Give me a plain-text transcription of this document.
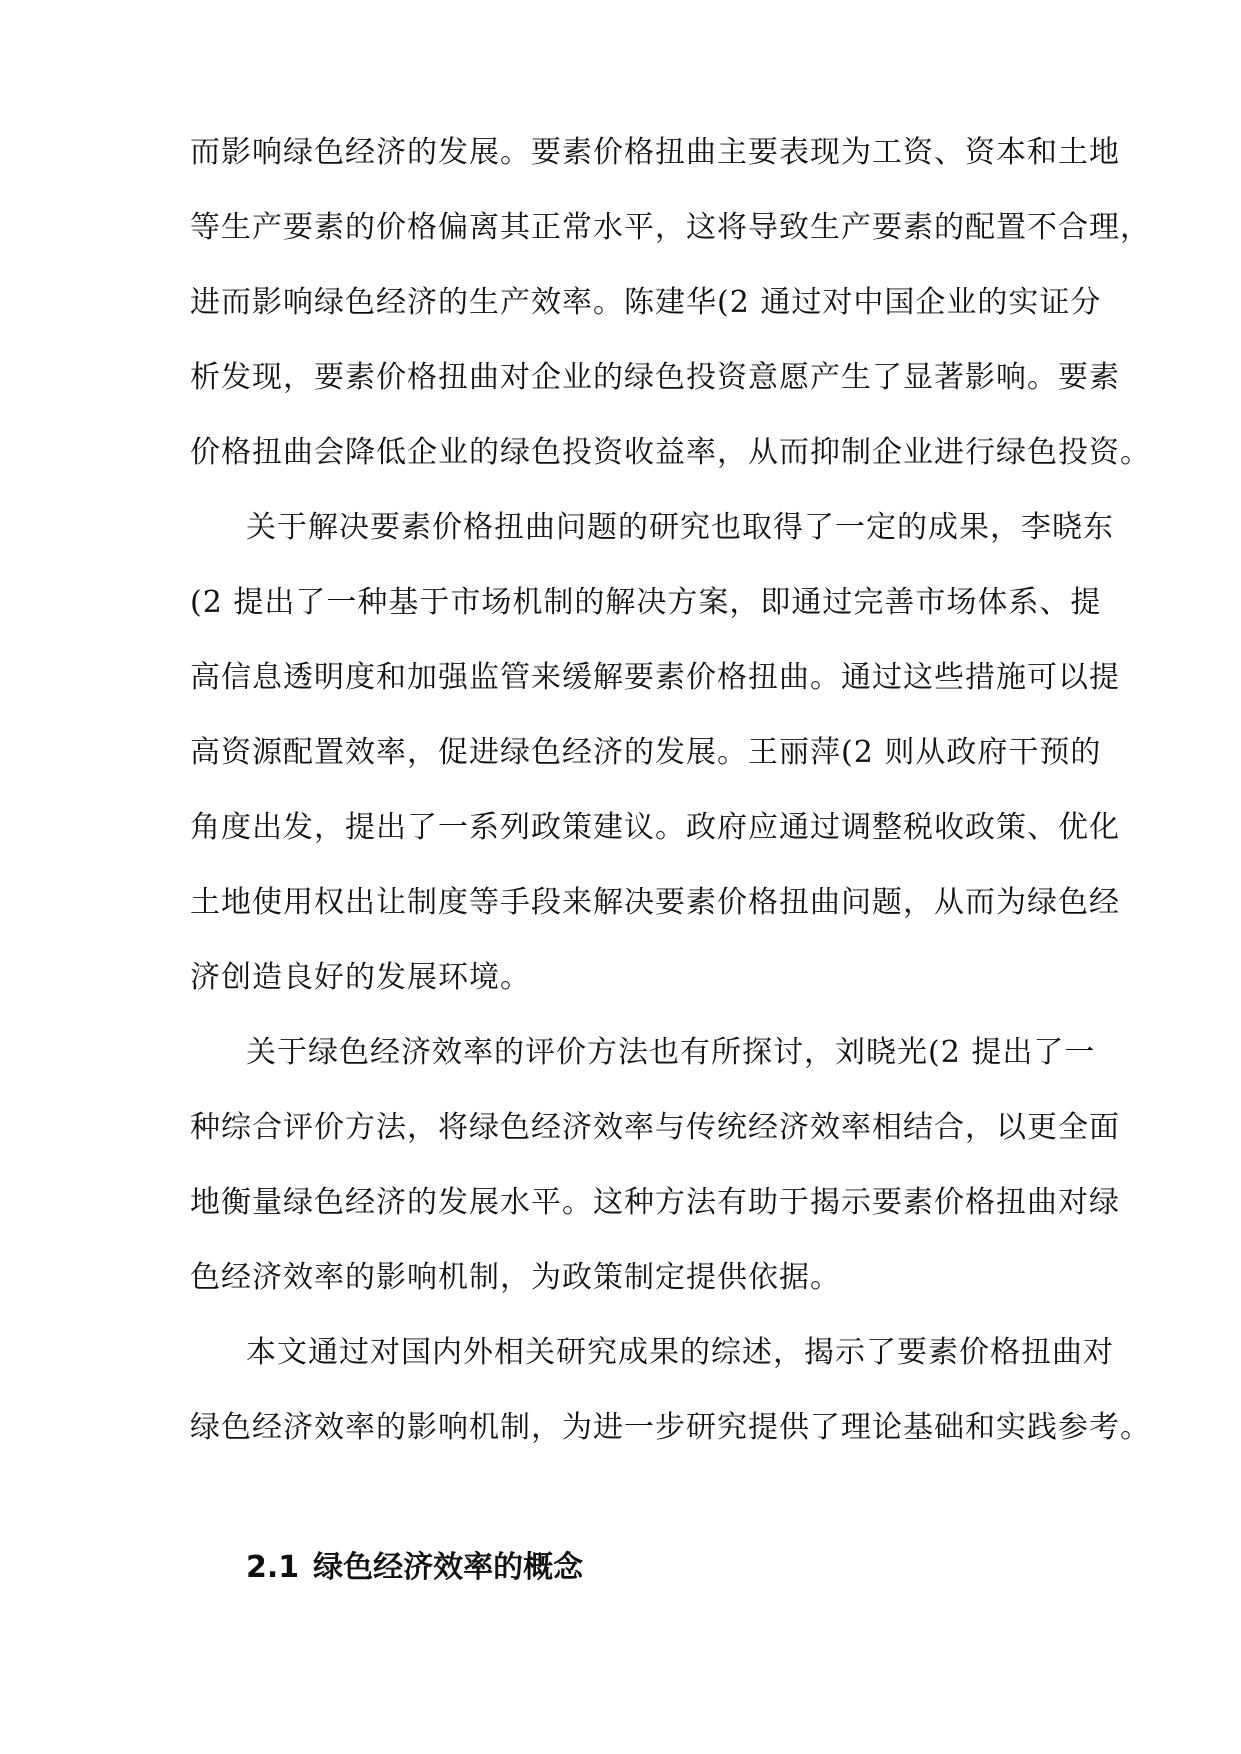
而影响绿色经济的发展。要素价格扭曲主要表现为工资、资本和土地
等生产要素的价格偏离其正常水平，这将导致生产要素的配置不合理，
进而影响绿色经济的生产效率。陈建华(2 通过对中国企业的实证分
析发现，要素价格扭曲对企业的绿色投资意愿产生了显著影响。要素
价格扭曲会降低企业的绿色投资收益率，从而抑制企业进行绿色投资。
关于解决要素价格扭曲问题的研究也取得了一定的成果，李晓东
(2 提出了一种基于市场机制的解决方案，即通过完善市场体系、提
高信息透明度和加强监管来缓解要素价格扭曲。通过这些措施可以提
高资源配置效率，促进绿色经济的发展。王丽萍(2 则从政府干预的
角度出发，提出了一系列政策建议。政府应通过调整税收政策、优化
土地使用权出让制度等手段来解决要素价格扭曲问题，从而为绿色经
济创造良好的发展环境。
关于绿色经济效率的评价方法也有所探讨，刘晓光(2 提出了一
种综合评价方法，将绿色经济效率与传统经济效率相结合，以更全面
地衡量绿色经济的发展水平。这种方法有助于揭示要素价格扭曲对绿
色经济效率的影响机制，为政策制定提供依据。
本文通过对国内外相关研究成果的综述，揭示了要素价格扭曲对
绿色经济效率的影响机制，为进一步研究提供了理论基础和实践参考。
2.1 绿色经济效率的概念
